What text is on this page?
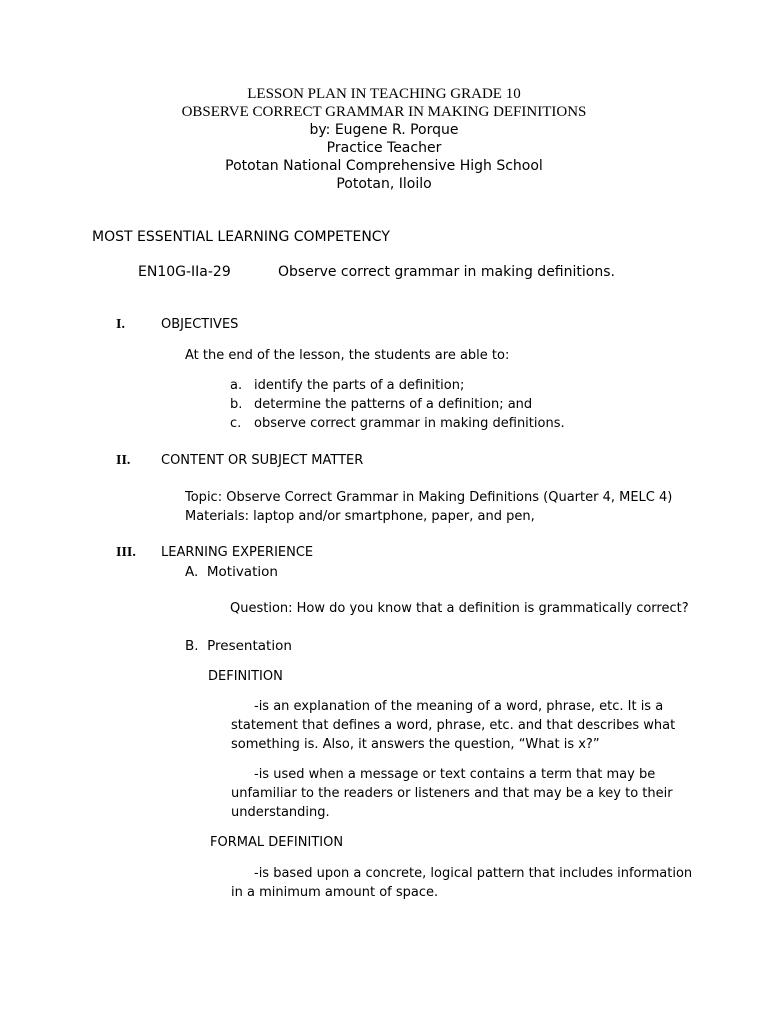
LESSON PLAN IN TEACHING GRADE 10
OBSERVE CORRECT GRAMMAR IN MAKING DEFINITIONS
by: Eugene R. Porque
Practice Teacher
Pototan National Comprehensive High School
Pototan, Iloilo
MOST ESSENTIAL LEARNING COMPETENCY
EN10G-IIa-29	Observe correct grammar in making definitions.
I.	OBJECTIVES
At the end of the lesson, the students are able to:
a. identify the parts of a definition;
b. determine the patterns of a definition; and
c. observe correct grammar in making definitions.
II. CONTENT OR SUBJECT MATTER
Topic: Observe Correct Grammar in Making Definitions (Quarter 4, MELC 4)
Materials: laptop and/or smartphone, paper, and pen,
III. LEARNING EXPERIENCE
A.  Motivation
Question: How do you know that a definition is grammatically correct?
B.  Presentation
DEFINITION
-is an explanation of the meaning of a word, phrase, etc. It is a
statement that defines a word, phrase, etc. and that describes what
something is. Also, it answers the question, “What is x?”
-is used when a message or text contains a term that may be
unfamiliar to the readers or listeners and that may be a key to their
understanding.
FORMAL DEFINITION
-is based upon a concrete, logical pattern that includes information
in a minimum amount of space.
